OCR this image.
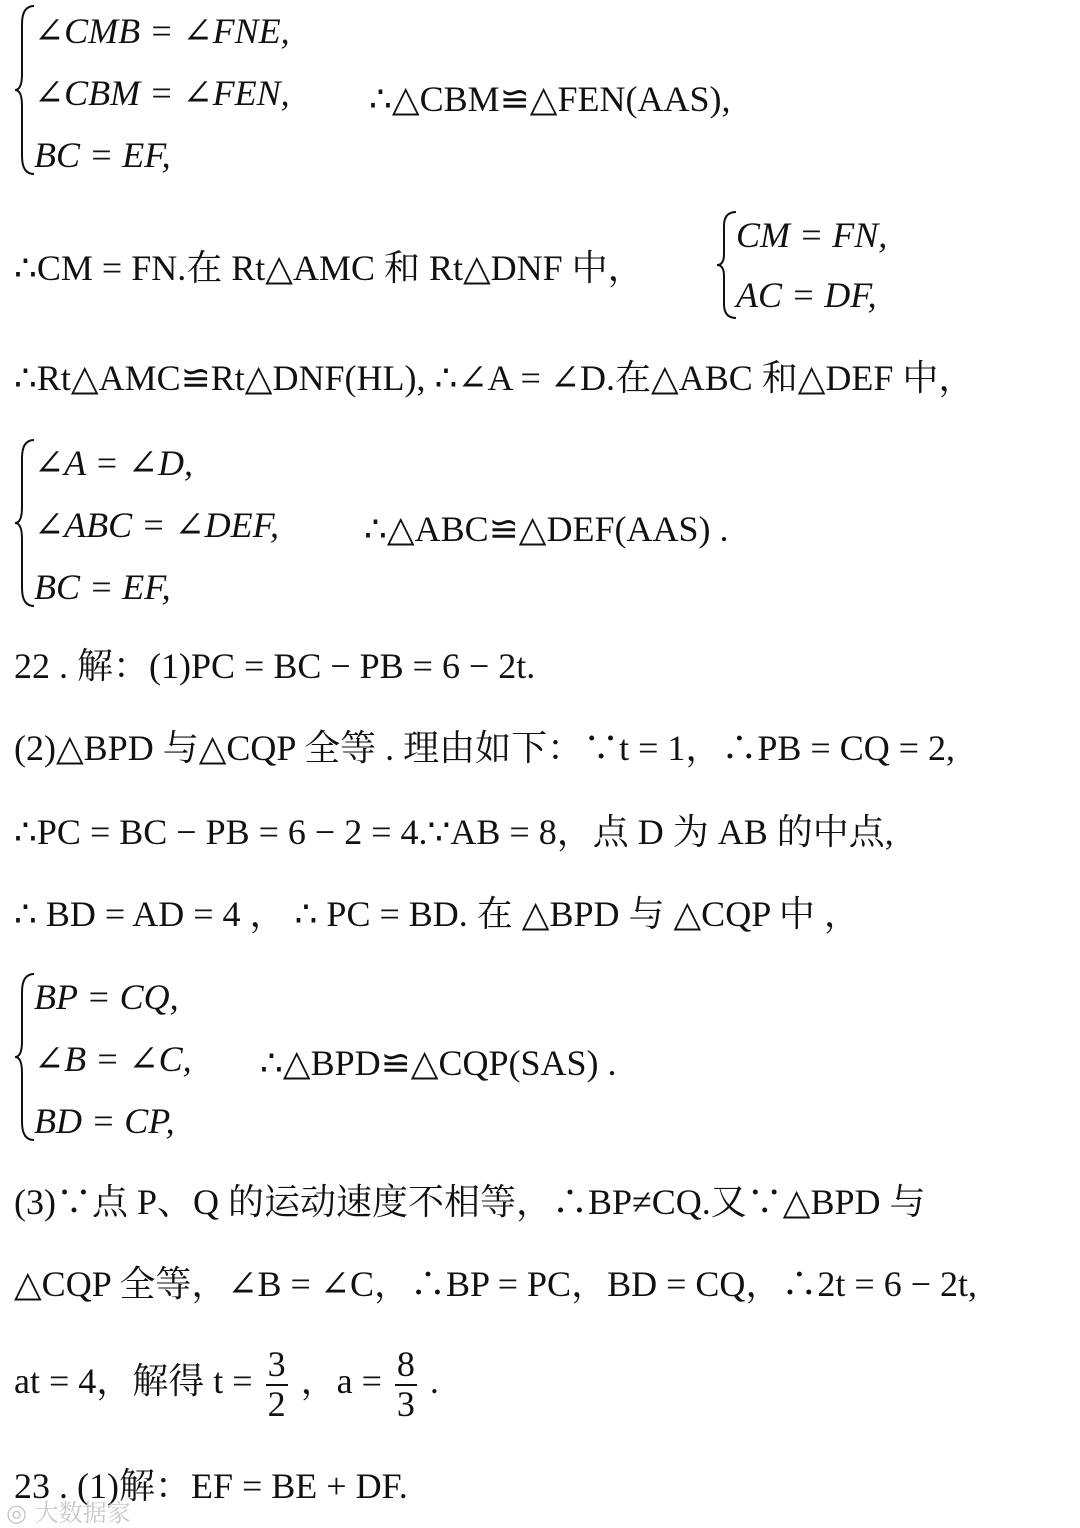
∠CMB = ∠FNE,
∠CBM = ∠FEN,
BC = EF,
∴△CBM≌△FEN(AAS),
∴CM = FN.在 Rt△AMC 和 Rt△DNF 中，
CM = FN,
AC = DF,
∴Rt△AMC≌Rt△DNF(HL), ∴∠A = ∠D.在△ABC 和△DEF 中，
∠A = ∠D,
∠ABC = ∠DEF,
BC = EF,
∴△ABC≌△DEF(AAS) .
22 . 解：(1)PC = BC − PB = 6 − 2t.
(2)△BPD 与△CQP 全等 . 理由如下：∵t = 1，∴PB = CQ = 2,
∴PC = BC − PB = 6 − 2 = 4.∵AB = 8，点 D 为 AB 的中点,
∴ BD = AD = 4 ， ∴ PC = BD. 在 △BPD 与 △CQP 中 ，
BP = CQ,
∠B = ∠C,
BD = CP,
∴△BPD≌△CQP(SAS) .
(3)∵点 P、Q 的运动速度不相等，∴BP≠CQ.又∵△BPD 与
△CQP 全等，∠B = ∠C，∴BP = PC，BD = CQ，∴2t = 6 − 2t,
at = 4，解得 $t = \frac{3}{2}$ ，$a = \frac{8}{3}$ .
23 . (1)解：EF = BE + DF.
◎ 大数据家
